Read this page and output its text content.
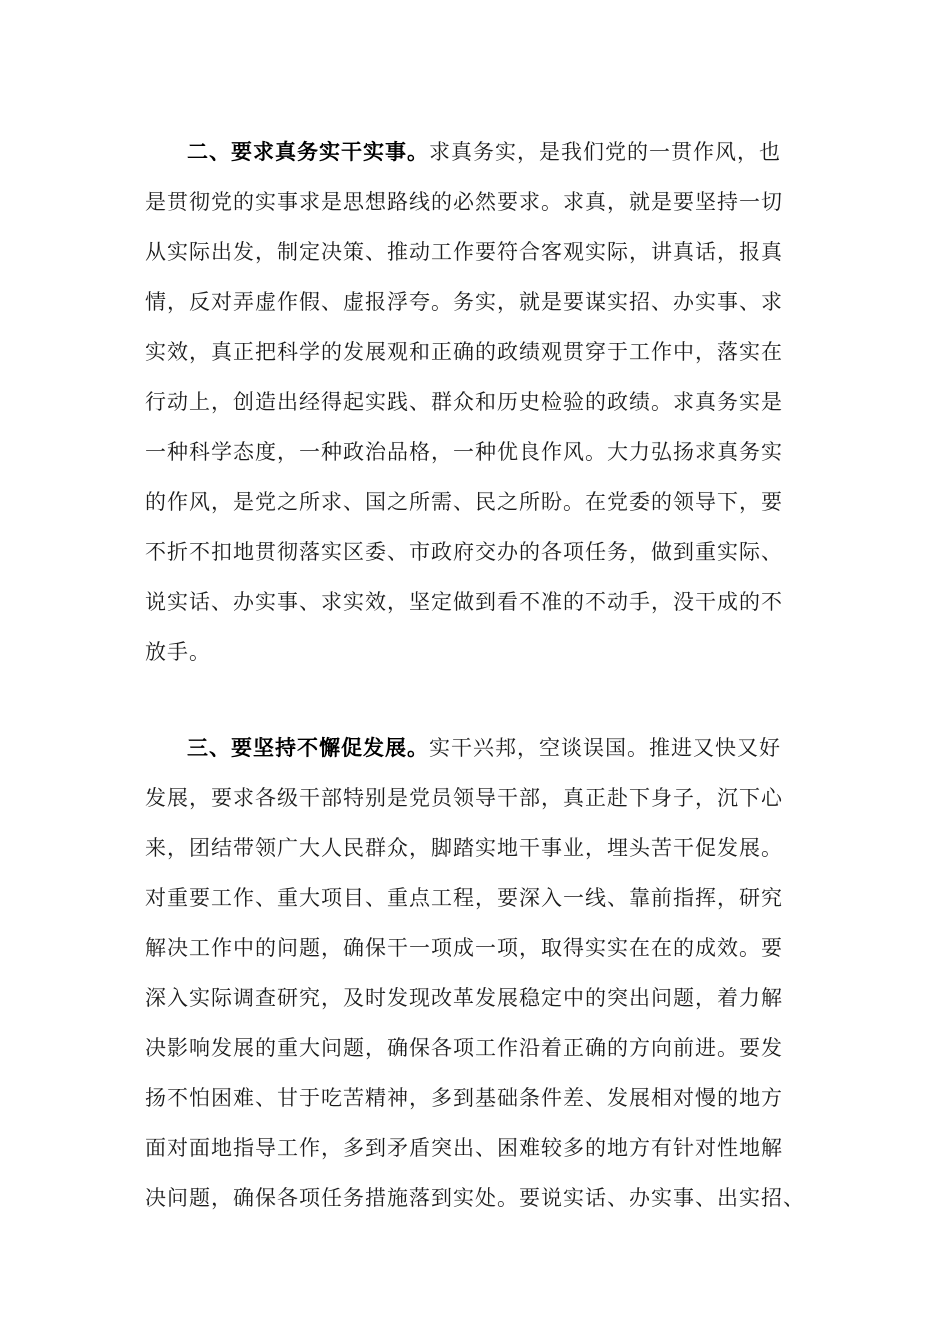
二、要求真务实干实事。求真务实，是我们党的一贯作风，也
是贯彻党的实事求是思想路线的必然要求。求真，就是要坚持一切
从实际出发，制定决策、推动工作要符合客观实际，讲真话，报真
情，反对弄虚作假、虚报浮夸。务实，就是要谋实招、办实事、求
实效，真正把科学的发展观和正确的政绩观贯穿于工作中，落实在
行动上，创造出经得起实践、群众和历史检验的政绩。求真务实是
一种科学态度，一种政治品格，一种优良作风。大力弘扬求真务实
的作风，是党之所求、国之所需、民之所盼。在党委的领导下，要
不折不扣地贯彻落实区委、市政府交办的各项任务，做到重实际、
说实话、办实事、求实效，坚定做到看不准的不动手，没干成的不
放手。
三、要坚持不懈促发展。实干兴邦，空谈误国。推进又快又好
发展，要求各级干部特别是党员领导干部，真正赴下身子，沉下心
来，团结带领广大人民群众，脚踏实地干事业，埋头苦干促发展。
对重要工作、重大项目、重点工程，要深入一线、靠前指挥，研究
解决工作中的问题，确保干一项成一项，取得实实在在的成效。要
深入实际调查研究，及时发现改革发展稳定中的突出问题，着力解
决影响发展的重大问题，确保各项工作沿着正确的方向前进。要发
扬不怕困难、甘于吃苦精神，多到基础条件差、发展相对慢的地方
面对面地指导工作，多到矛盾突出、困难较多的地方有针对性地解
决问题，确保各项任务措施落到实处。要说实话、办实事、出实招、
